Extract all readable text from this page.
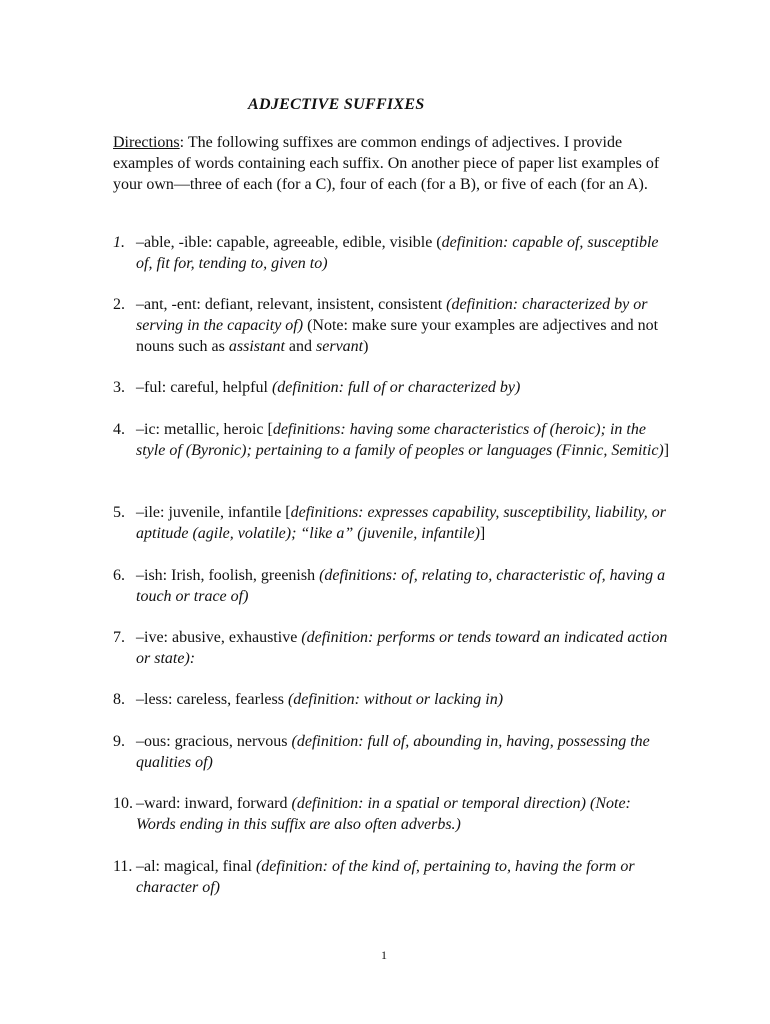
ADJECTIVE SUFFIXES
Directions: The following suffixes are common endings of adjectives. I provide examples of words containing each suffix. On another piece of paper list examples of your own—three of each (for a C), four of each (for a B), or five of each (for an A).
1. –able, -ible: capable, agreeable, edible, visible (definition: capable of, susceptible of, fit for, tending to, given to)
2. –ant, -ent: defiant, relevant, insistent, consistent (definition: characterized by or serving in the capacity of) (Note: make sure your examples are adjectives and not nouns such as assistant and servant)
3. –ful: careful, helpful (definition: full of or characterized by)
4. –ic: metallic, heroic [definitions: having some characteristics of (heroic); in the style of (Byronic); pertaining to a family of peoples or languages (Finnic, Semitic)]
5. –ile: juvenile, infantile [definitions: expresses capability, susceptibility, liability, or aptitude (agile, volatile); “like a” (juvenile, infantile)]
6. –ish: Irish, foolish, greenish (definitions: of, relating to, characteristic of, having a touch or trace of)
7. –ive: abusive, exhaustive (definition: performs or tends toward an indicated action or state):
8. –less: careless, fearless (definition: without or lacking in)
9. –ous: gracious, nervous (definition: full of, abounding in, having, possessing the qualities of)
10. –ward: inward, forward (definition: in a spatial or temporal direction) (Note: Words ending in this suffix are also often adverbs.)
11. –al: magical, final (definition: of the kind of, pertaining to, having the form or character of)
1
